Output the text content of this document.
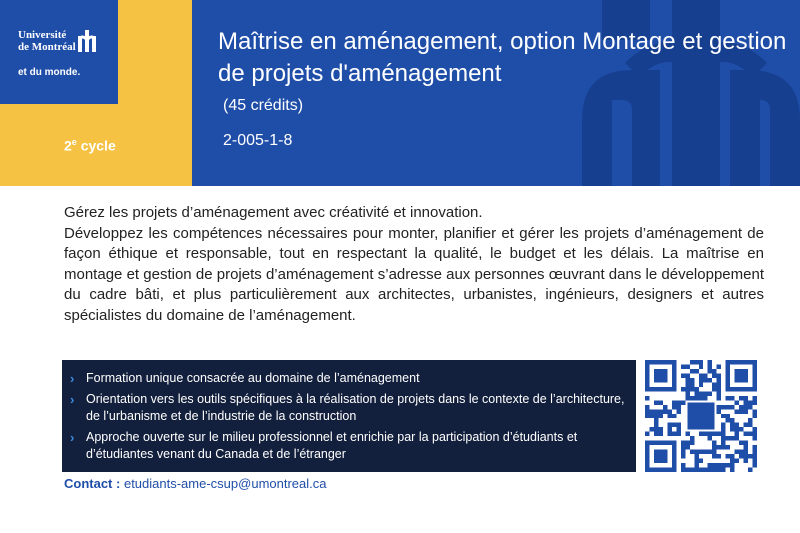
Université
de Montréal
et du monde.
2e cycle
Maîtrise en aménagement, option Montage et gestion de projets d'aménagement
(45 crédits)
2-005-1-8
Gérez les projets d’aménagement avec créativité et innovation.
Développez les compétences nécessaires pour monter, planifier et gérer les projets d’aménagement de façon éthique et responsable, tout en respectant la qualité, le budget et les délais. La maîtrise en montage et gestion de projets d’aménagement s’adresse aux personnes œuvrant dans le développement du cadre bâti, et plus particulièrement aux architectes, urbanistes, ingénieurs, designers et autres spécialistes du domaine de l’aménagement.
› Formation unique consacrée au domaine de l’aménagement
› Orientation vers les outils spécifiques à la réalisation de projets dans le contexte de l’architecture, de l’urbanisme et de l’industrie de la construction
› Approche ouverte sur le milieu professionnel et enrichie par la participation d’étudiants et d’étudiantes venant du Canada et de l’étranger
Contact : etudiants-ame-csup@umontreal.ca
